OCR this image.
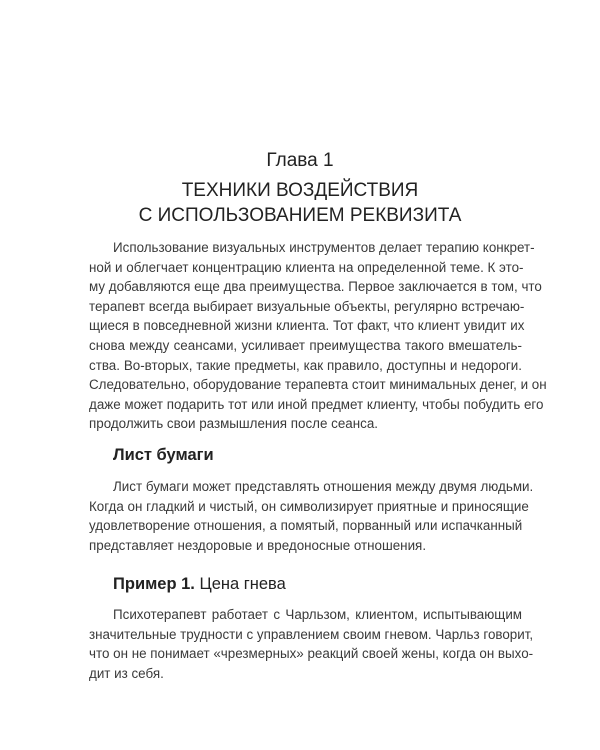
Глава 1
ТЕХНИКИ ВОЗДЕЙСТВИЯ
С ИСПОЛЬЗОВАНИЕМ РЕКВИЗИТА

Использование визуальных инструментов делает терапию конкрет-
ной и облегчает концентрацию клиента на определенной теме. К это-
му добавляются еще два преимущества. Первое заключается в том, что
терапевт всегда выбирает визуальные объекты, регулярно встречаю-
щиеся в повседневной жизни клиента. Тот факт, что клиент увидит их
снова между сеансами, усиливает преимущества такого вмешатель-
ства. Во-вторых, такие предметы, как правило, доступны и недороги.
Следовательно, оборудование терапевта стоит минимальных денег, и он
даже может подарить тот или иной предмет клиенту, чтобы побудить его
продолжить свои размышления после сеанса.

Лист бумаги

Лист бумаги может представлять отношения между двумя людьми.
Когда он гладкий и чистый, он символизирует приятные и приносящие
удовлетворение отношения, а помятый, порванный или испачканный
представляет нездоровые и вредоносные отношения.

Пример 1. Цена гнева

Психотерапевт работает с Чарльзом, клиентом, испытывающим
значительные трудности с управлением своим гневом. Чарльз говорит,
что он не понимает «чрезмерных» реакций своей жены, когда он выхо-
дит из себя.
